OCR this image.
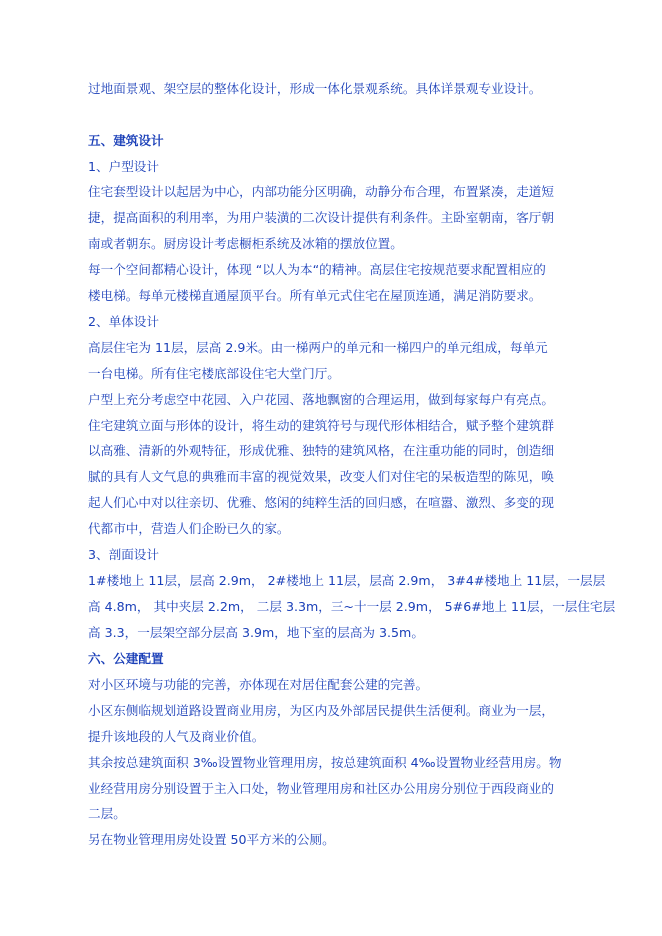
过地面景观、架空层的整体化设计，形成一体化景观系统。具体详景观专业设计。
五、建筑设计
1、户型设计
住宅套型设计以起居为中心，内部功能分区明确，动静分布合理，布置紧凑，走道短
捷，提高面积的利用率，为用户装潢的二次设计提供有利条件。主卧室朝南，客厅朝
南或者朝东。厨房设计考虑橱柜系统及冰箱的摆放位置。
每一个空间都精心设计，体现 “以人为本“的精神。高层住宅按规范要求配置相应的
楼电梯。每单元楼梯直通屋顶平台。所有单元式住宅在屋顶连通，满足消防要求。
2、单体设计
高层住宅为 11层，层高 2.9米。由一梯两户的单元和一梯四户的单元组成，每单元
一台电梯。所有住宅楼底部设住宅大堂门厅。
户型上充分考虑空中花园、入户花园、落地飘窗的合理运用，做到每家每户有亮点。
住宅建筑立面与形体的设计，将生动的建筑符号与现代形体相结合，赋予整个建筑群
以高雅、清新的外观特征，形成优雅、独特的建筑风格，在注重功能的同时，创造细
腻的具有人文气息的典雅而丰富的视觉效果，改变人们对住宅的呆板造型的陈见，唤
起人们心中对以往亲切、优雅、悠闲的纯粹生活的回归感，在喧嚣、激烈、多变的现
代都市中，营造人们企盼已久的家。
3、剖面设计
1#楼地上 11层，层高 2.9m， 2#楼地上 11层，层高 2.9m， 3#4#楼地上 11层，一层层
高 4.8m， 其中夹层 2.2m， 二层 3.3m，三~十一层 2.9m， 5#6#地上 11层，一层住宅层
高 3.3，一层架空部分层高 3.9m，地下室的层高为 3.5m。
六、公建配置
对小区环境与功能的完善，亦体现在对居住配套公建的完善。
小区东侧临规划道路设置商业用房，为区内及外部居民提供生活便利。商业为一层，
提升该地段的人气及商业价值。
其余按总建筑面积 3‰设置物业管理用房，按总建筑面积 4‰设置物业经营用房。物
业经营用房分别设置于主入口处，物业管理用房和社区办公用房分别位于西段商业的
二层。
另在物业管理用房处设置 50平方米的公厕。
